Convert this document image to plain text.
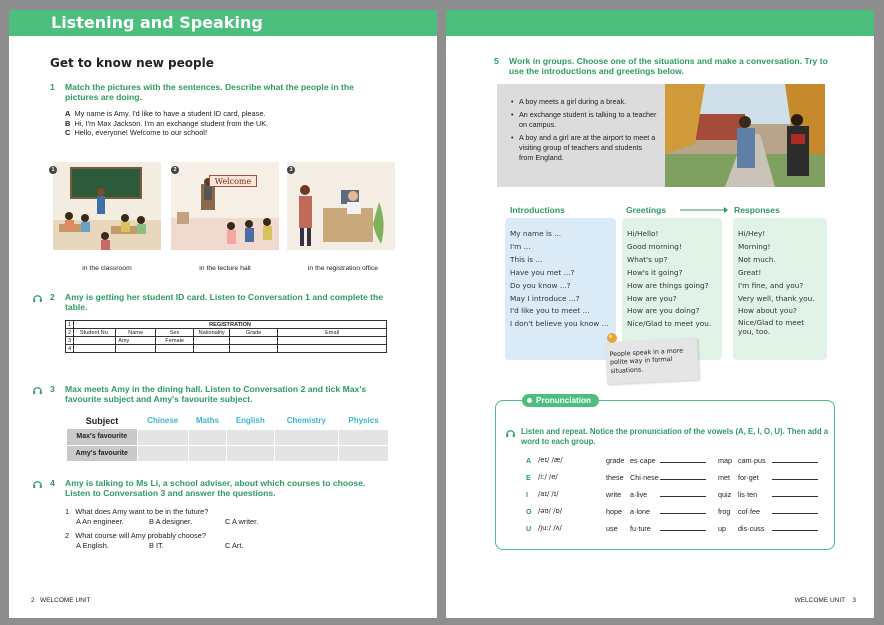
Listening and Speaking
Get to know new people
1 Match the pictures with the sentences. Describe what the people in the
pictures are doing.
A My name is Amy. I'd like to have a student ID card, please.
B Hi, I'm Max Jackson. I'm an exchange student from the UK.
C Hello, everyone! Welcome to our school!
1
in the classroom
Welcome
2
in the lecture hall
3
in the registration office
2 Amy is getting her student ID card. Listen to Conversation 1 and complete the
table.
1	REGISTRATION					
2	Student No.	Name	Sex	Nationality	Grade	Email
3		Amy	Female			
4						
3 Max meets Amy in the dining hall. Listen to Conversation 2 and tick Max's
favourite subject and Amy's favourite subject.
Subject	Chinese	Maths	English	Chemistry	Physics
Max's favourite					
Amy's favourite					
4 Amy is talking to Ms Li, a school adviser, about which courses to choose.
Listen to Conversation 3 and answer the questions.
1 What does Amy want to be in the future?
A An engineer.	B A designer.	C A writer.
2 What course will Amy probably choose?
A English.	B IT.	C Art.
2 WELCOME UNIT
5 Work in groups. Choose one of the situations and make a conversation. Try to
use the introductions and greetings below.
• A boy meets a girl during a break.
• An exchange student is talking to a teacher on campus.
• A boy and a girl are at the airport to meet a visiting group of teachers and students from England.
Introductions	Greetings	Responses

My name is ...

I'm ...

This is ...

Have you met ...?

Do you know ...?

May I introduce ...?

I'd like you to meet ...

I don't believe you know ...

Hi/Hello!

Good morning!

What's up?

How's it going?

How are things going?

How are you?

How are you doing?

Nice/Glad to meet you.

Hi/Hey!

Morning!

Not much.

Great!

I'm fine, and you?

Very well, thank you.

How about you?

Nice/Glad to meet

you, too.

People speak in a more polite way in formal situations.
Pronunciation
Listen and repeat. Notice the pronunciation of the vowels (A, E, I, O, U). Then add a
word to each group.
A /eɪ/ /æ/	grade es·cape	map cam·pus
E /iː/ /e/	these Chi·nese	met for·get
I /aɪ/ /ɪ/	write a·live	quiz lis·ten
O /əʊ/ /ɒ/	hope a·lone	frog cof·fee
U /juː/ /ʌ/	use fu·ture	up dis·cuss
WELCOME UNIT 3
